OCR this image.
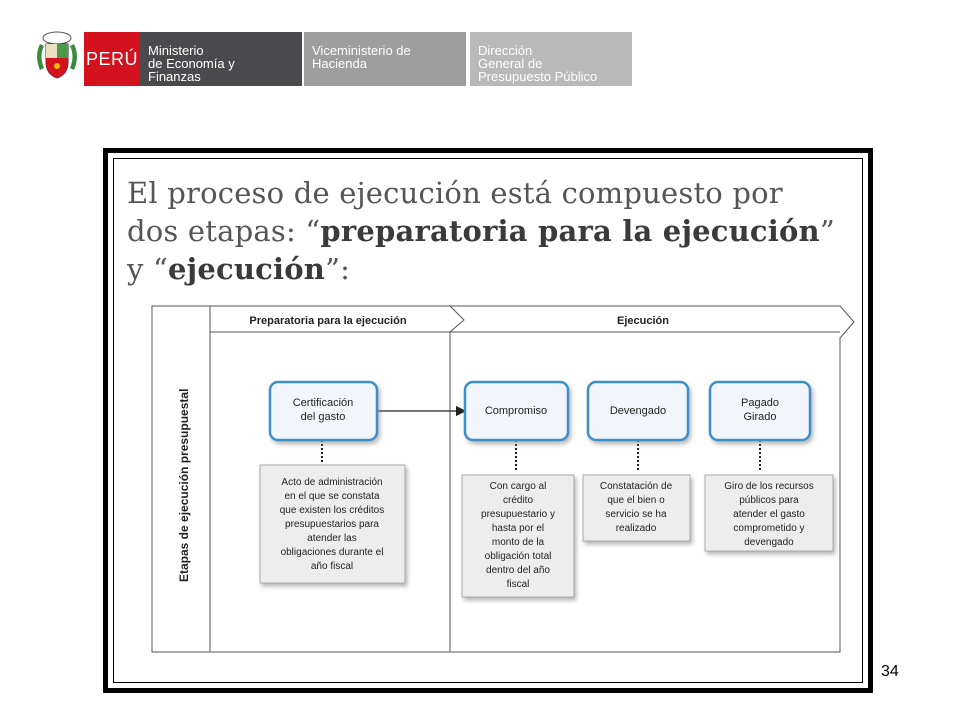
PERÚ Ministerio
de Economía y
Finanzas
Viceministerio de
Hacienda
Dirección
General de
Presupuesto Público
El proceso de ejecución está compuesto por
dos etapas: “preparatoria para la ejecución”
y “ejecución”:
Etapas de ejecución presupuestal
Preparatoria para la ejecución	Ejecución
Certificación
del gasto	Compromiso	Devengado
Pagado
Girado
Acto de administración
en el que se constata
que existen los créditos
presupuestarios para
atender las
obligaciones durante el
año fiscal
Con cargo al
crédito
presupuestario y
hasta por el
monto de la
obligación total
dentro del año
fiscal
Constatación de
que el bien o
servicio se ha
realizado
Giro de los recursos
públicos para
atender el gasto
comprometido y
devengado
34
